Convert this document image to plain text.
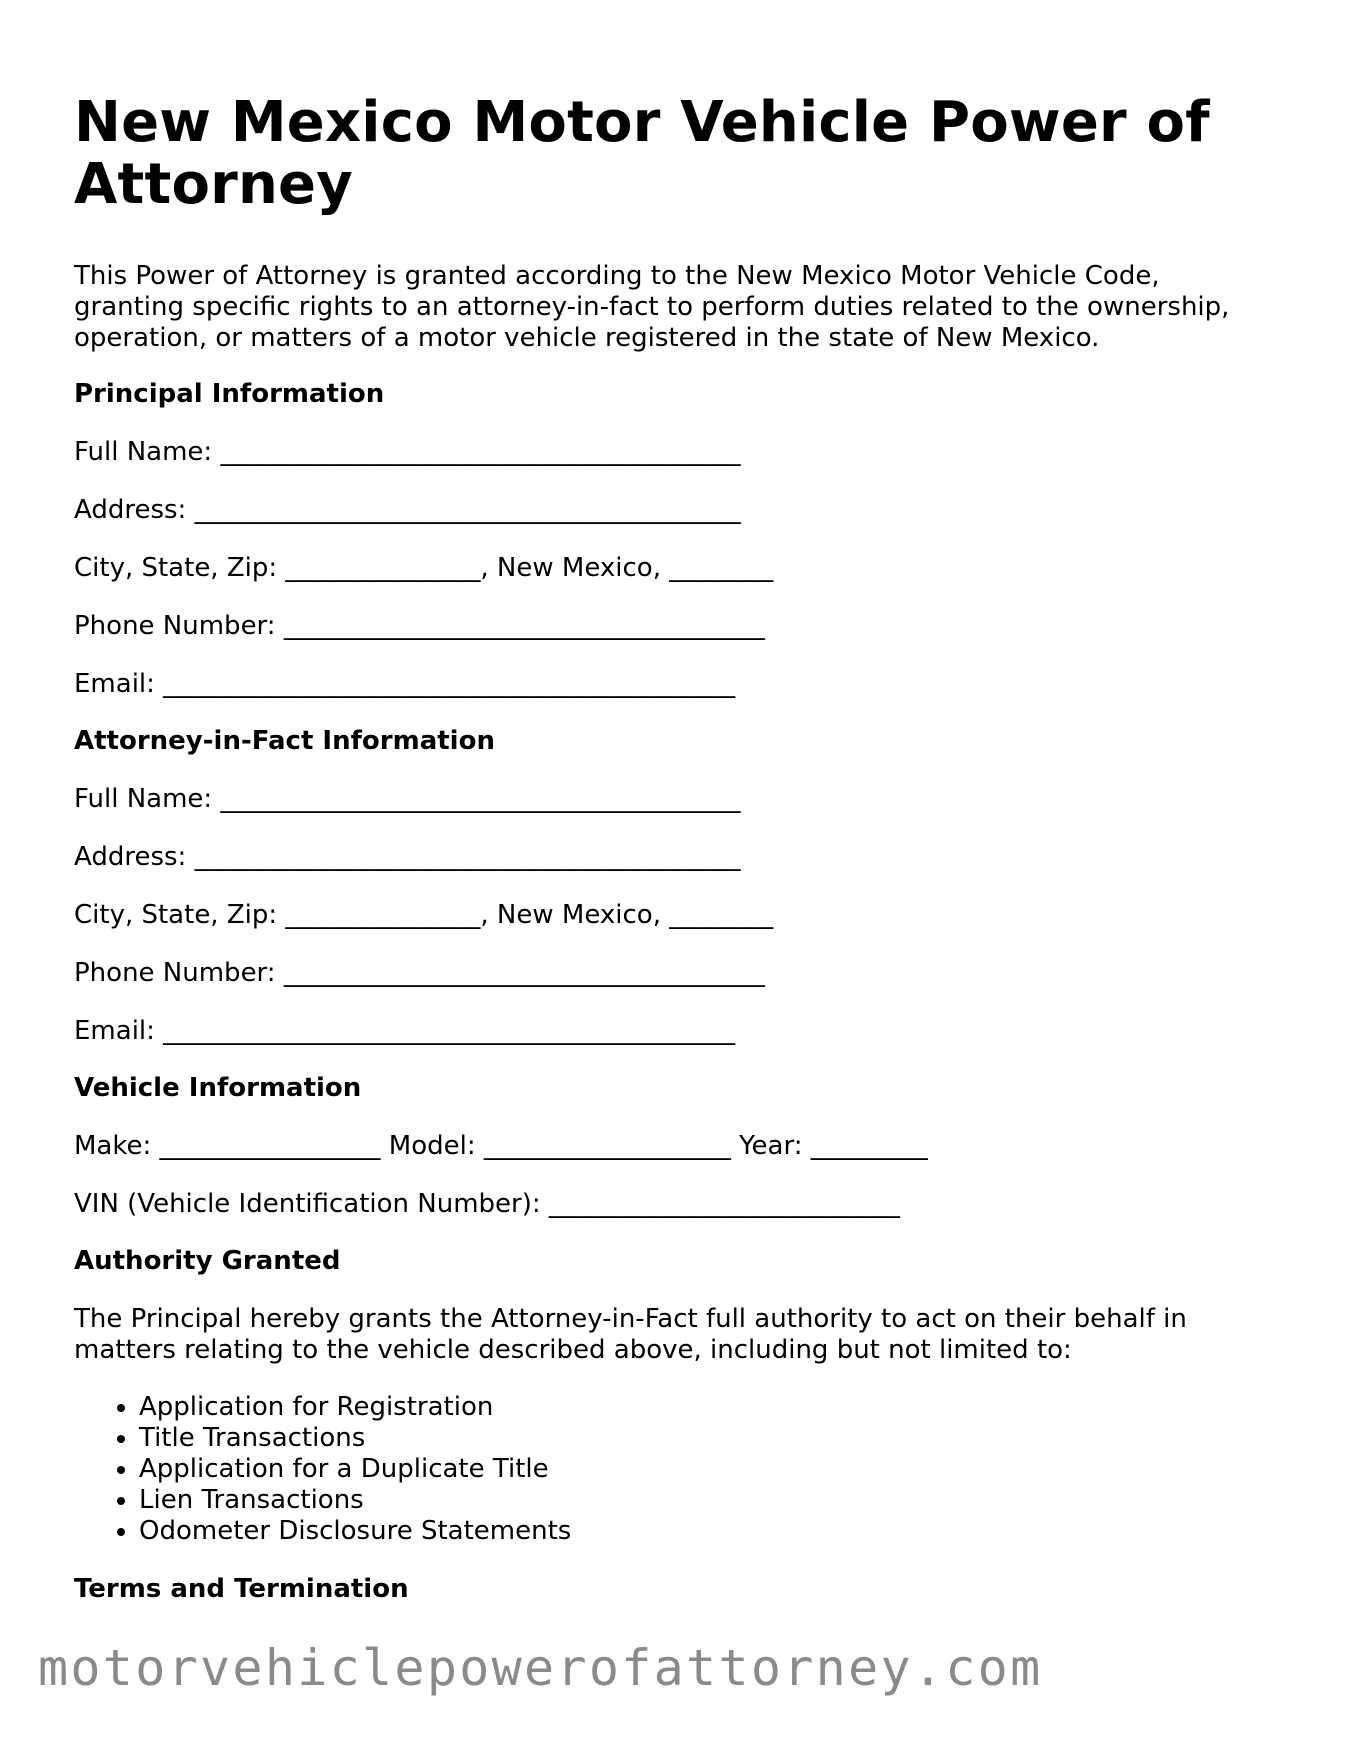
New Mexico Motor Vehicle Power of Attorney

This Power of Attorney is granted according to the New Mexico Motor Vehicle Code, granting specific rights to an attorney-in-fact to perform duties related to the ownership, operation, or matters of a motor vehicle registered in the state of New Mexico.

Principal Information
Full Name: ________________________________________
Address: __________________________________________
City, State, Zip: _______________, New Mexico, ________
Phone Number: _____________________________________
Email: ____________________________________________
Attorney-in-Fact Information
Full Name: ________________________________________
Address: __________________________________________
City, State, Zip: _______________, New Mexico, ________
Phone Number: _____________________________________
Email: ____________________________________________
Vehicle Information
Make: _________________ Model: ___________________ Year: _________
VIN (Vehicle Identification Number): ___________________________
Authority Granted

The Principal hereby grants the Attorney-in-Fact full authority to act on their behalf in matters relating to the vehicle described above, including but not limited to:

• Application for Registration
• Title Transactions
• Application for a Duplicate Title
• Lien Transactions
• Odometer Disclosure Statements
Terms and Termination
motorvehiclepowerofattorney.com
